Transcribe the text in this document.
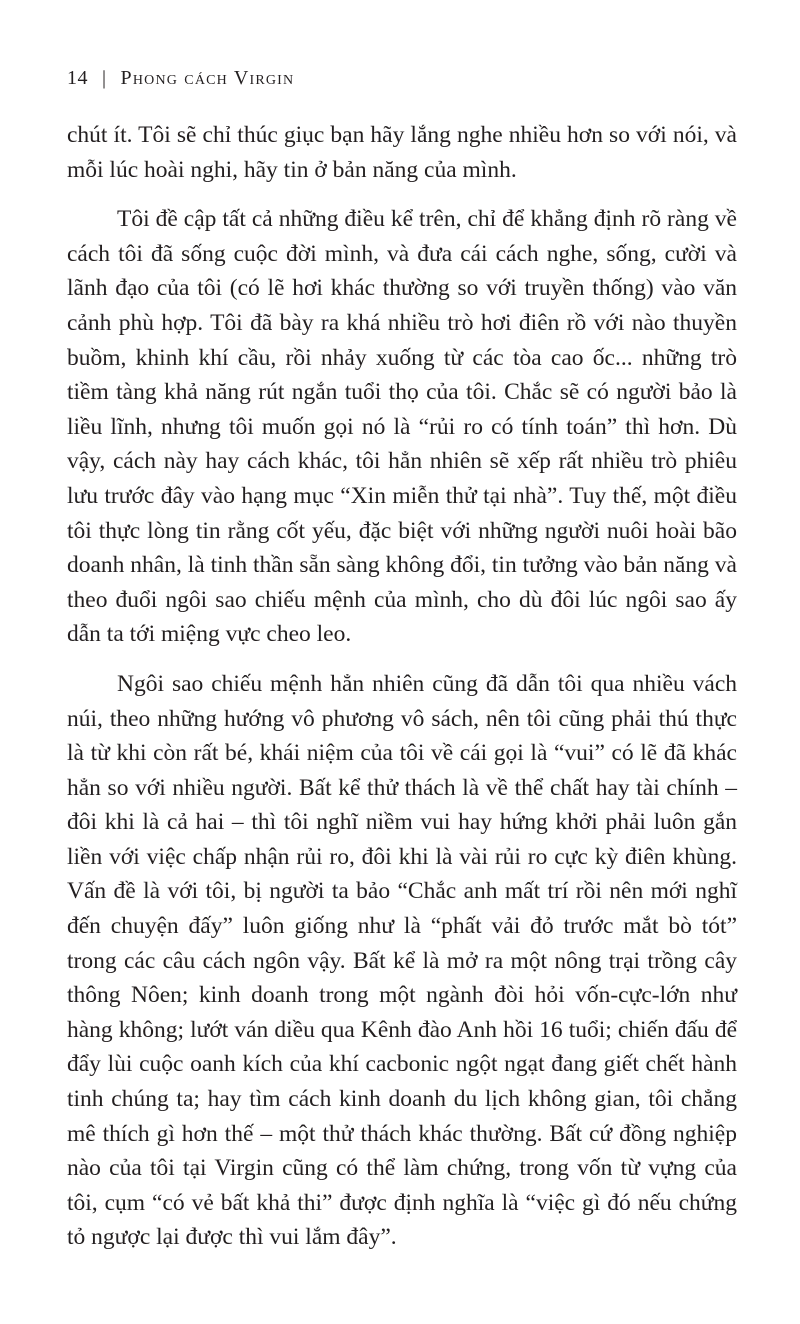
14 | Phong cách Virgin

chút ít. Tôi sẽ chỉ thúc giục bạn hãy lắng nghe nhiều hơn so với nói, và mỗi lúc hoài nghi, hãy tin ở bản năng của mình.

Tôi đề cập tất cả những điều kể trên, chỉ để khẳng định rõ ràng về cách tôi đã sống cuộc đời mình, và đưa cái cách nghe, sống, cười và lãnh đạo của tôi (có lẽ hơi khác thường so với truyền thống) vào văn cảnh phù hợp. Tôi đã bày ra khá nhiều trò hơi điên rồ với nào thuyền buồm, khinh khí cầu, rồi nhảy xuống từ các tòa cao ốc... những trò tiềm tàng khả năng rút ngắn tuổi thọ của tôi. Chắc sẽ có người bảo là liều lĩnh, nhưng tôi muốn gọi nó là “rủi ro có tính toán” thì hơn. Dù vậy, cách này hay cách khác, tôi hẳn nhiên sẽ xếp rất nhiều trò phiêu lưu trước đây vào hạng mục “Xin miễn thử tại nhà”. Tuy thế, một điều tôi thực lòng tin rằng cốt yếu, đặc biệt với những người nuôi hoài bão doanh nhân, là tinh thần sẵn sàng không đổi, tin tưởng vào bản năng và theo đuổi ngôi sao chiếu mệnh của mình, cho dù đôi lúc ngôi sao ấy dẫn ta tới miệng vực cheo leo.

Ngôi sao chiếu mệnh hẳn nhiên cũng đã dẫn tôi qua nhiều vách núi, theo những hướng vô phương vô sách, nên tôi cũng phải thú thực là từ khi còn rất bé, khái niệm của tôi về cái gọi là “vui” có lẽ đã khác hẳn so với nhiều người. Bất kể thử thách là về thể chất hay tài chính – đôi khi là cả hai – thì tôi nghĩ niềm vui hay hứng khởi phải luôn gắn liền với việc chấp nhận rủi ro, đôi khi là vài rủi ro cực kỳ điên khùng. Vấn đề là với tôi, bị người ta bảo “Chắc anh mất trí rồi nên mới nghĩ đến chuyện đấy” luôn giống như là “phất vải đỏ trước mắt bò tót” trong các câu cách ngôn vậy. Bất kể là mở ra một nông trại trồng cây thông Nôen; kinh doanh trong một ngành đòi hỏi vốn-cực-lớn như hàng không; lướt ván diều qua Kênh đào Anh hồi 16 tuổi; chiến đấu để đẩy lùi cuộc oanh kích của khí cacbonic ngột ngạt đang giết chết hành tinh chúng ta; hay tìm cách kinh doanh du lịch không gian, tôi chẳng mê thích gì hơn thế – một thử thách khác thường. Bất cứ đồng nghiệp nào của tôi tại Virgin cũng có thể làm chứng, trong vốn từ vựng của tôi, cụm “có vẻ bất khả thi” được định nghĩa là “việc gì đó nếu chứng tỏ ngược lại được thì vui lắm đây”.
